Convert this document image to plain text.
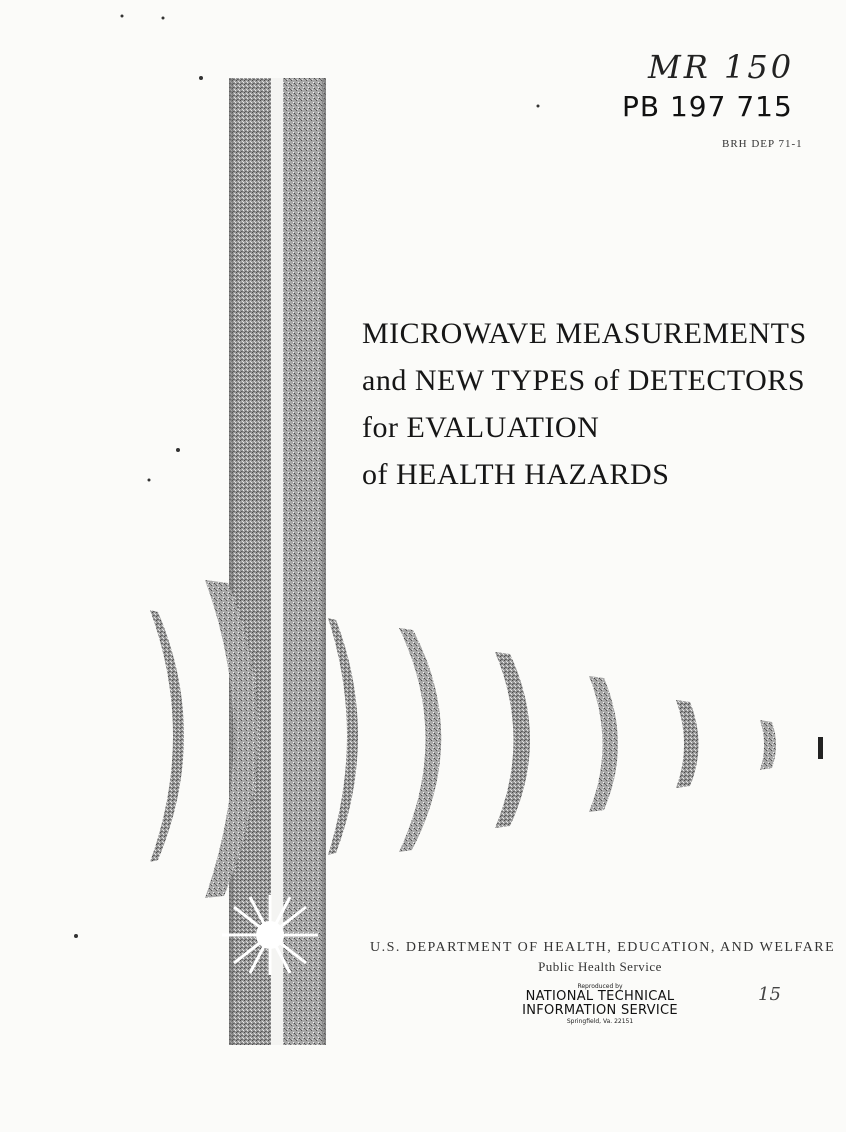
MR 150
PB 197 715
BRH DEP 71-1
MICROWAVE MEASUREMENTS
and NEW TYPES of DETECTORS
for EVALUATION
of HEALTH HAZARDS
U.S. DEPARTMENT OF HEALTH, EDUCATION, AND WELFARE
Public Health Service
Reproduced by
NATIONAL TECHNICAL
INFORMATION SERVICE
Springfield, Va. 22151
15
